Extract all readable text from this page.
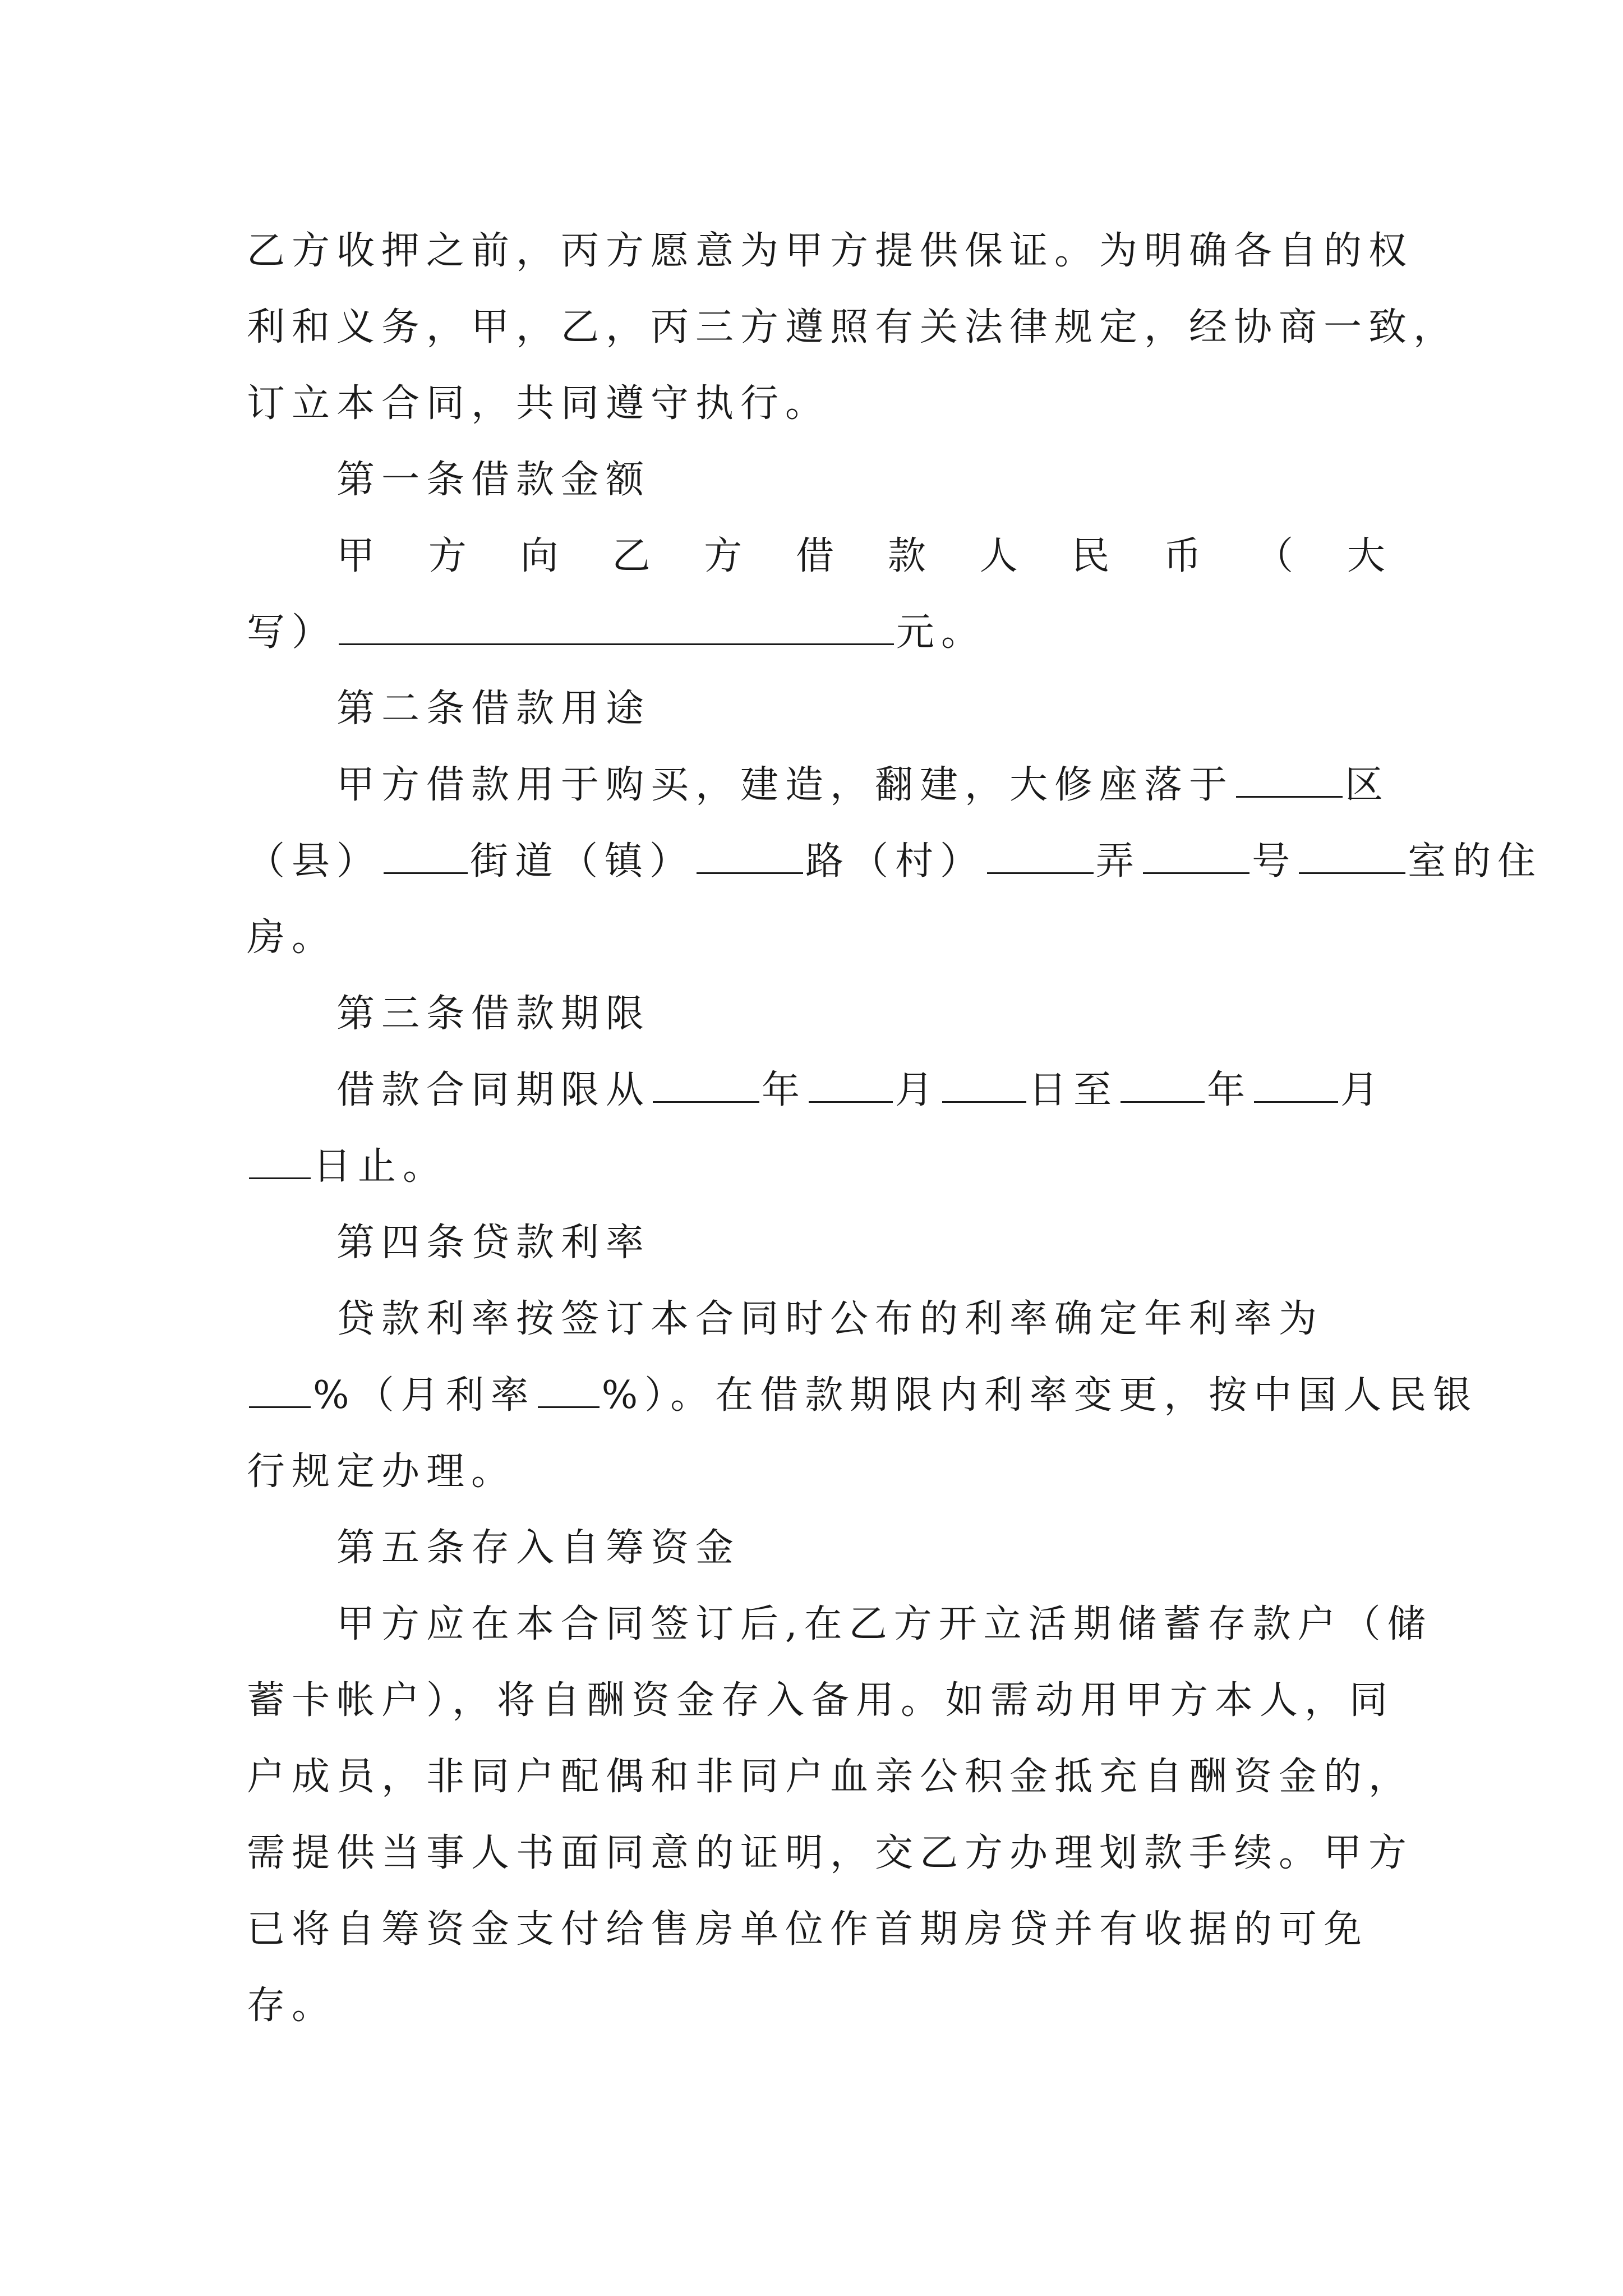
乙方收押之前，丙方愿意为甲方提供保证。为明确各自的权
利和义务，甲，乙，丙三方遵照有关法律规定，经协商一致，
订立本合同，共同遵守执行。
第一条借款金额
甲 方 向 乙 方 借 款 人 民 币 （ 大
写）	元。
第二条借款用途
甲方借款用于购买，建造，翻建，大修座落于	区
（县） 街道（镇）	路（村）	弄	号	室的住
房。
第三条借款期限
借款合同期限从	年 月 日至 年 月
日止。
第四条贷款利率
贷款利率按签订本合同时公布的利率确定年利率为
%（月利率 %）。在借款期限内利率变更，按中国人民银
行规定办理。
第五条存入自筹资金
甲方应在本合同签订后,在乙方开立活期储蓄存款户（储
蓄卡帐户），将自酬资金存入备用。如需动用甲方本人，同
户成员，非同户配偶和非同户血亲公积金抵充自酬资金的，
需提供当事人书面同意的证明，交乙方办理划款手续。甲方
已将自筹资金支付给售房单位作首期房贷并有收据的可免
存。
